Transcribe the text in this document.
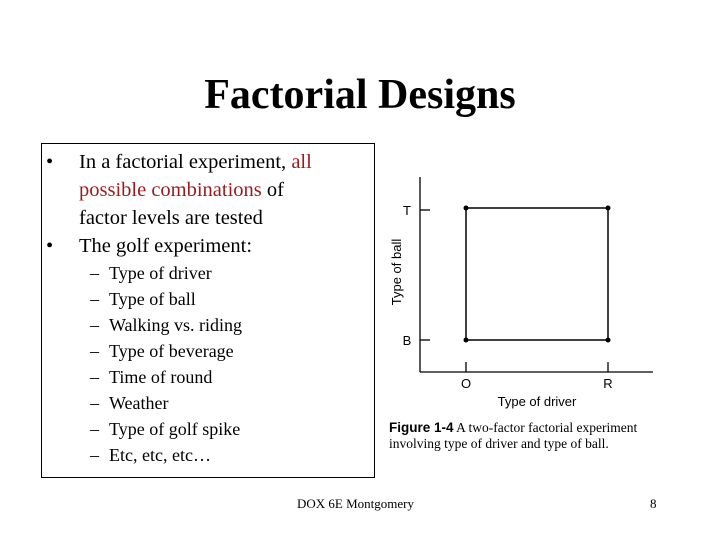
Factorial Designs
• In a factorial experiment, all
possible combinations of
factor levels are tested
• The golf experiment:
– Type of driver
– Type of ball
– Walking vs. riding
– Type of beverage
– Time of round
– Weather
– Type of golf spike
– Etc, etc, etc…
T
B
O	R
Type of driver
Type of ball
Figure 1-4 A two-factor factorial experiment involving type of driver and type of ball.
DOX 6E Montgomery	8
